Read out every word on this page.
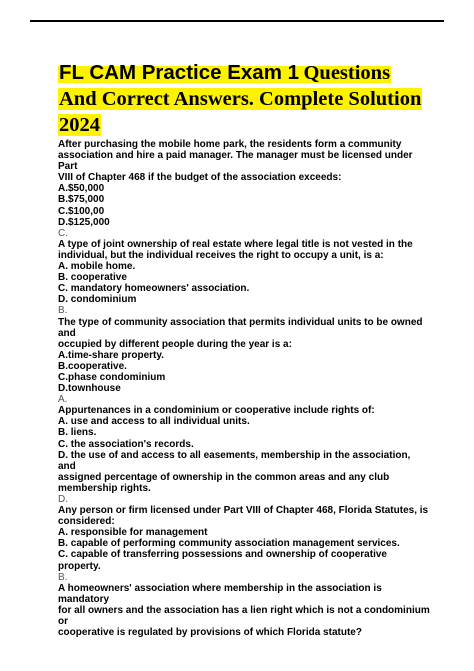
FL CAM Practice Exam 1 Questions
And Correct Answers. Complete Solution
2024
After purchasing the mobile home park, the residents form a community
association and hire a paid manager. The manager must be licensed under Part
VIII of Chapter 468 if the budget of the association exceeds:
A.$50,000
B.$75,000
C.$100,00
D.$125,000
C.
A type of joint ownership of real estate where legal title is not vested in the
individual, but the individual receives the right to occupy a unit, is a:
A. mobile home.
B. cooperative
C. mandatory homeowners' association.
D. condominium
B.
The type of community association that permits individual units to be owned and
occupied by different people during the year is a:
A.time-share property.
B.cooperative.
C.phase condominium
D.townhouse
A.
Appurtenances in a condominium or cooperative include rights of:
A. use and access to all individual units.
B. liens.
C. the association's records.
D. the use of and access to all easements, membership in the association, and
assigned percentage of ownership in the common areas and any club
membership rights.
D.
Any person or firm licensed under Part VIII of Chapter 468, Florida Statutes, is
considered:
A. responsible for management
B. capable of performing community association management services.
C. capable of transferring possessions and ownership of cooperative property.
B.
A homeowners' association where membership in the association is mandatory
for all owners and the association has a lien right which is not a condominium or
cooperative is regulated by provisions of which Florida statute?
